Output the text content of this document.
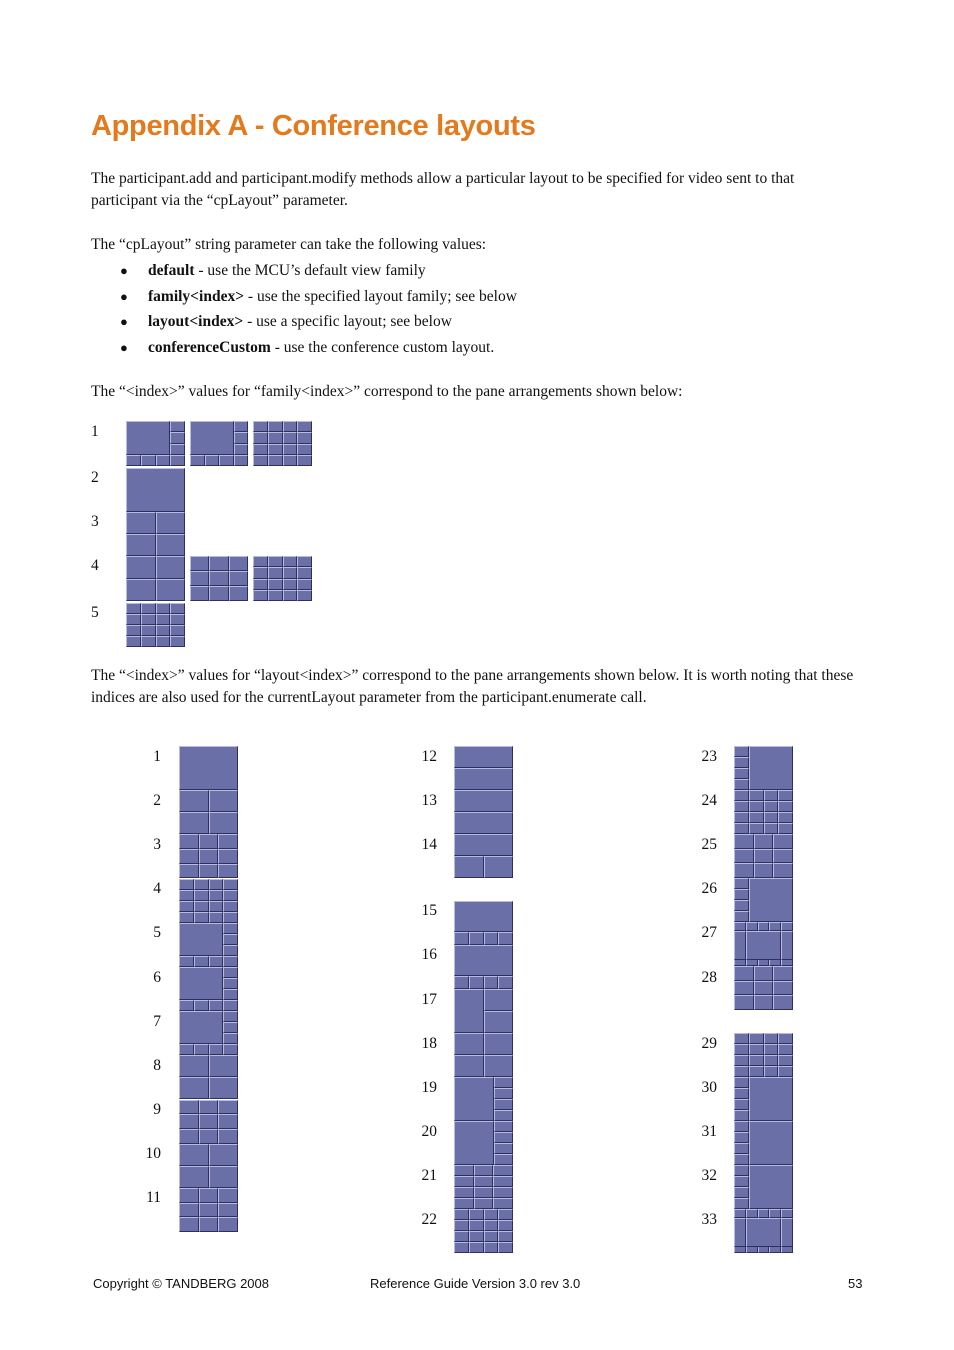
Appendix A - Conference layouts

The participant.add and participant.modify methods allow a particular layout to be specified for video sent to that participant via the “cpLayout” parameter.

The “cpLayout” string parameter can take the following values:

● default - use the MCU’s default view family
● family<index> - use the specified layout family; see below
● layout<index> - use a specific layout; see below
● conferenceCustom - use the conference custom layout.

The “<index>” values for “family<index>” correspond to the pane arrangements shown below:

1
2
3
4
5

The “<index>” values for “layout<index>” correspond to the pane arrangements shown below. It is worth noting that these indices are also used for the currentLayout parameter from the participant.enumerate call.

1
2
3
4
5
6
7
8
9
10
11
12
13
14
15
16
17
18
19
20
21
22
23
24
25
26
27
28
29
30
31
32
33
Copyright © TANDBERG 2008	Reference Guide Version 3.0 rev 3.0	53
